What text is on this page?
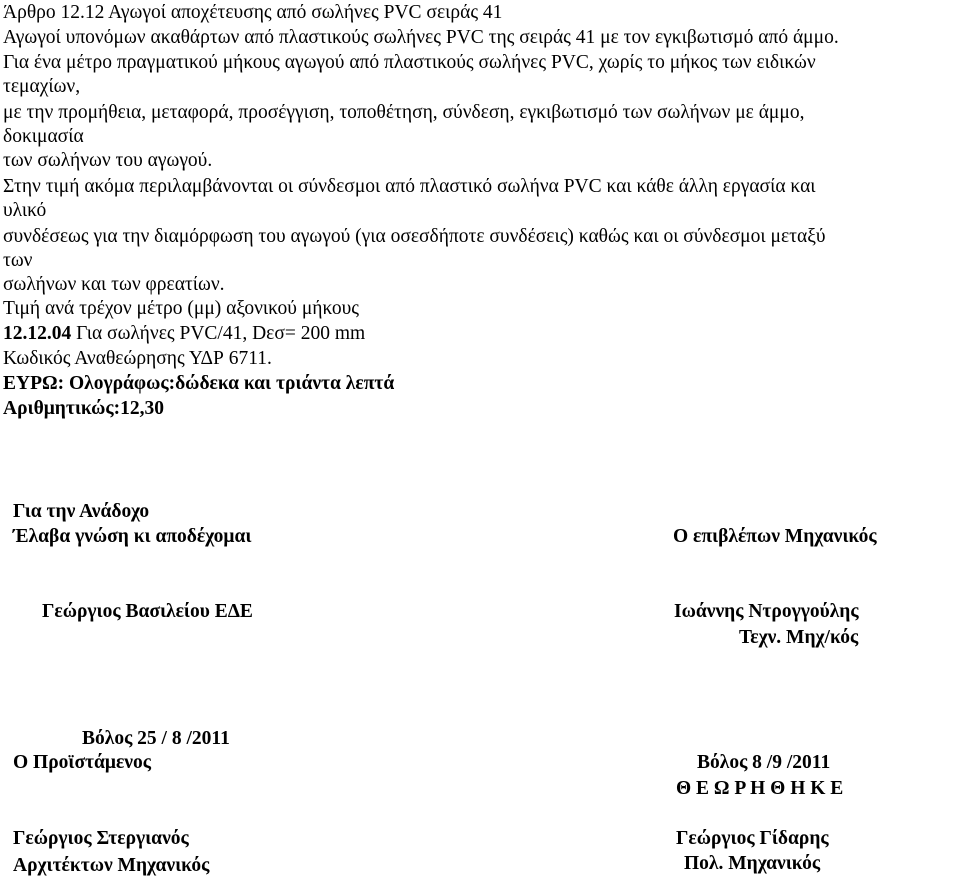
Άρθρο 12.12 Αγωγοί αποχέτευσης από σωλήνες PVC σειράς 41
Αγωγοί υπονόμων ακαθάρτων από πλαστικούς σωλήνες PVC της σειράς 41 με τον εγκιβωτισμό από άμμο.
Για ένα μέτρο πραγματικού μήκους αγωγού από πλαστικούς σωλήνες PVC, χωρίς το μήκος των ειδικών
τεμαχίων,
με την προμήθεια, μεταφορά, προσέγγιση, τοποθέτηση, σύνδεση, εγκιβωτισμό των σωλήνων με άμμο,
δοκιμασία
των σωλήνων του αγωγού.
Στην τιμή ακόμα περιλαμβάνονται οι σύνδεσμοι από πλαστικό σωλήνα PVC και κάθε άλλη εργασία και
υλικό
συνδέσεως για την διαμόρφωση του αγωγού (για οσεσδήποτε συνδέσεις) καθώς και οι σύνδεσμοι μεταξύ
των
σωλήνων και των φρεατίων.
Τιμή ανά τρέχον μέτρο (μμ) αξονικού μήκους
12.12.04 Για σωλήνες PVC/41, Dεσ= 200 mm
Κωδικός Αναθεώρησης ΥΔΡ 6711.
ΕΥΡΩ: Ολογράφως:δώδεκα και τριάντα λεπτά
Αριθμητικώς:12,30
Για την Ανάδοχο
Έλαβα γνώση κι αποδέχομαι	Ο επιβλέπων Μηχανικός
Γεώργιος Βασιλείου ΕΔΕ	Ιωάννης Ντρογγούλης
Τεχν. Μηχ/κός
Βόλος 25 / 8 /2011
Ο Προϊστάμενος	Βόλος 8 /9 /2011
Θ Ε Ω Ρ Η Θ Η Κ Ε
Γεώργιος Στεργιανός	Γεώργιος Γίδαρης
Αρχιτέκτων Μηχανικός	Πολ. Μηχανικός
